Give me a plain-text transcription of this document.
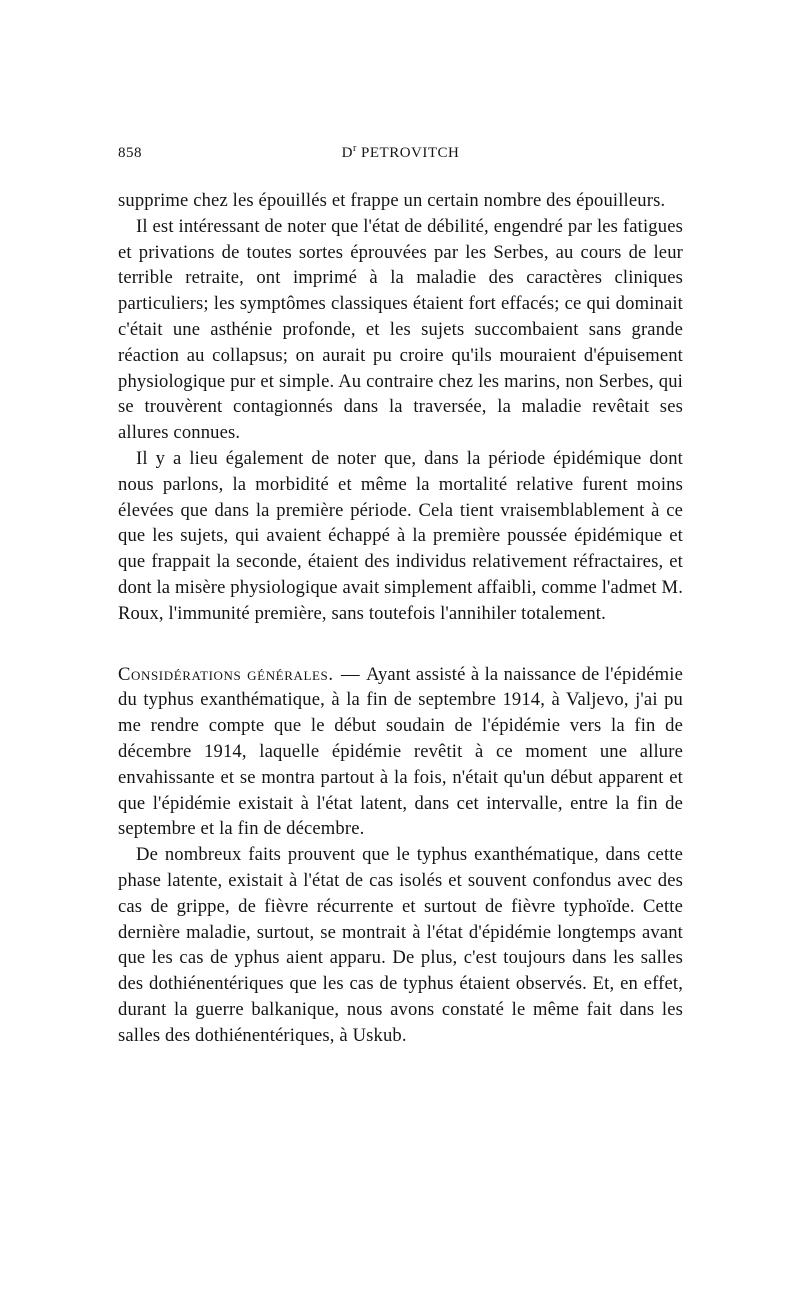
858	$D^r$ PETROVITCH

supprime chez les épouillés et frappe un certain nombre des épouilleurs.

Il est intéressant de noter que l'état de débilité, engendré par les fatigues et privations de toutes sortes éprouvées par les Serbes, au cours de leur terrible retraite, ont imprimé à la maladie des caractères cliniques particuliers; les symptômes classiques étaient fort effacés; ce qui dominait c'était une asthénie profonde, et les sujets succombaient sans grande réaction au collapsus; on aurait pu croire qu'ils mouraient d'épuisement physiologique pur et simple. Au contraire chez les marins, non Serbes, qui se trouvèrent contagionnés dans la traversée, la maladie revêtait ses allures connues.

Il y a lieu également de noter que, dans la période épidémique dont nous parlons, la morbidité et même la mortalité relative furent moins élevées que dans la première période. Cela tient vraisemblablement à ce que les sujets, qui avaient échappé à la première poussée épidémique et que frappait la seconde, étaient des individus relativement réfractaires, et dont la misère physiologique avait simplement affaibli, comme l'admet M. Roux, l'immunité première, sans toutefois l'annihiler totalement.

Considérations générales. — Ayant assisté à la naissance de l'épidémie du typhus exanthématique, à la fin de septembre 1914, à Valjevo, j'ai pu me rendre compte que le début soudain de l'épidémie vers la fin de décembre 1914, laquelle épidémie revêtit à ce moment une allure envahissante et se montra partout à la fois, n'était qu'un début apparent et que l'épidémie existait à l'état latent, dans cet intervalle, entre la fin de septembre et la fin de décembre.

De nombreux faits prouvent que le typhus exanthématique, dans cette phase latente, existait à l'état de cas isolés et souvent confondus avec des cas de grippe, de fièvre récurrente et surtout de fièvre typhoïde. Cette dernière maladie, surtout, se montrait à l'état d'épidémie longtemps avant que les cas de yphus aient apparu. De plus, c'est toujours dans les salles des dothiénentériques que les cas de typhus étaient observés. Et, en effet, durant la guerre balkanique, nous avons constaté le même fait dans les salles des dothiénentériques, à Uskub.
